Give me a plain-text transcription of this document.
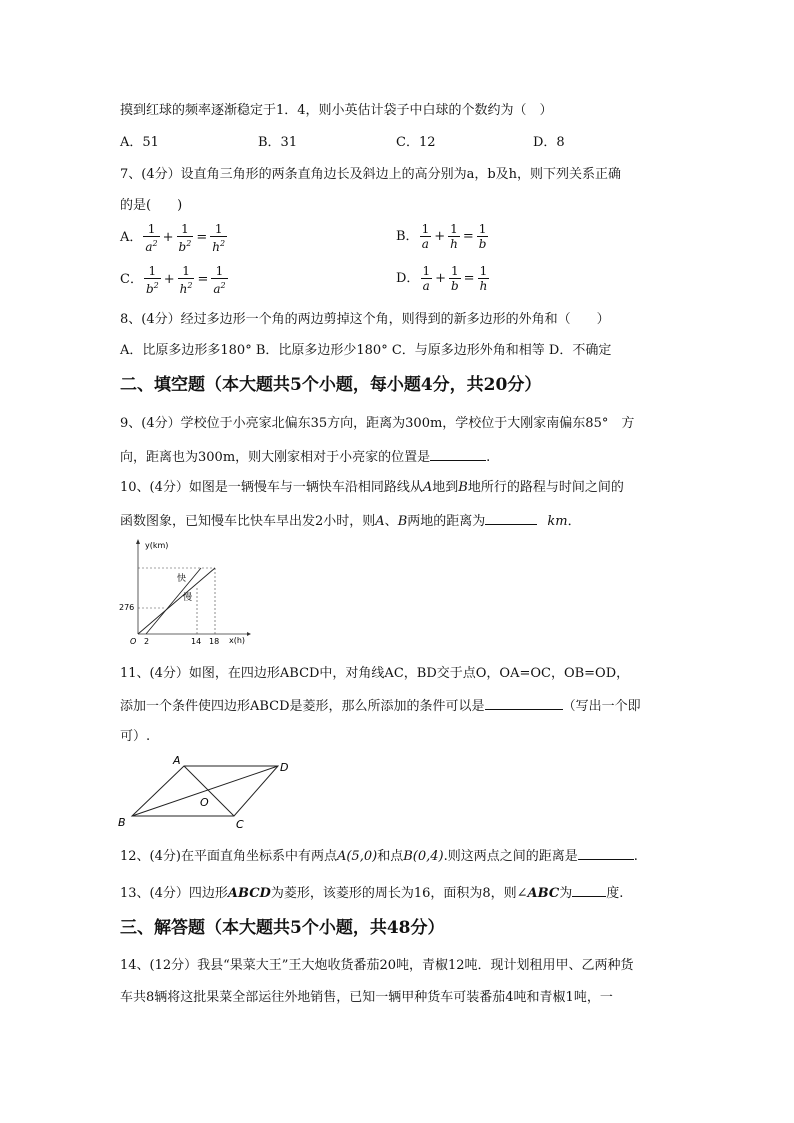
摸到红球的频率逐渐稳定于1．4，则小英估计袋子中白球的个数约为（　）
A．51	B．31	C．12	D．8
7、(4分）设直角三角形的两条直角边长及斜边上的高分别为a，b及h，则下列关系正确
的是(　　)
A． $\frac{1}{a^2} + \frac{1}{b^2} = \frac{1}{h^2}$	B． $\frac{1}{a} + \frac{1}{h} = \frac{1}{b}$
C． $\frac{1}{b^2} + \frac{1}{h^2} = \frac{1}{a^2}$	D． $\frac{1}{a} + \frac{1}{b} = \frac{1}{h}$
8、(4分）经过多边形一个角的两边剪掉这个角，则得到的新多边形的外角和（　　）
A．比原多边形多180° B．比原多边形少180° C．与原多边形外角和相等 D．不确定
二、填空题（本大题共5个小题，每小题4分，共20分）
9、(4分）学校位于小亮家北偏东35方向，距离为300m，学校位于大刚家南偏东85°　方
向，距离也为300m，则大刚家相对于小亮家的位置是	.
10、(4分）如图是一辆慢车与一辆快车沿相同路线从A地到B地所行的路程与时间之间的
函数图象，已知慢车比快车早出发2小时，则A、B两地的距离为	km．
y(km)
x(h)
O
276
2	14 18
快
慢
11、(4分）如图，在四边形ABCD中，对角线AC，BD交于点O，OA=OC，OB=OD，
添加一个条件使四边形ABCD是菱形，那么所添加的条件可以是	（写出一个即
可）.
A
D
B	C
O
12、(4分)在平面直角坐标系中有两点A(5,0)和点B(0,4).则这两点之间的距离是	.
13、(4分）四边形ABCD为菱形，该菱形的周长为16，面积为8，则∠ABC为	度.
三、解答题（本大题共5个小题，共48分）
14、(12分）我县“果菜大王”王大炮收货番茄20吨，青椒12吨．现计划租用甲、乙两种货
车共8辆将这批果菜全部运往外地销售，已知一辆甲种货车可装番茄4吨和青椒1吨，一
